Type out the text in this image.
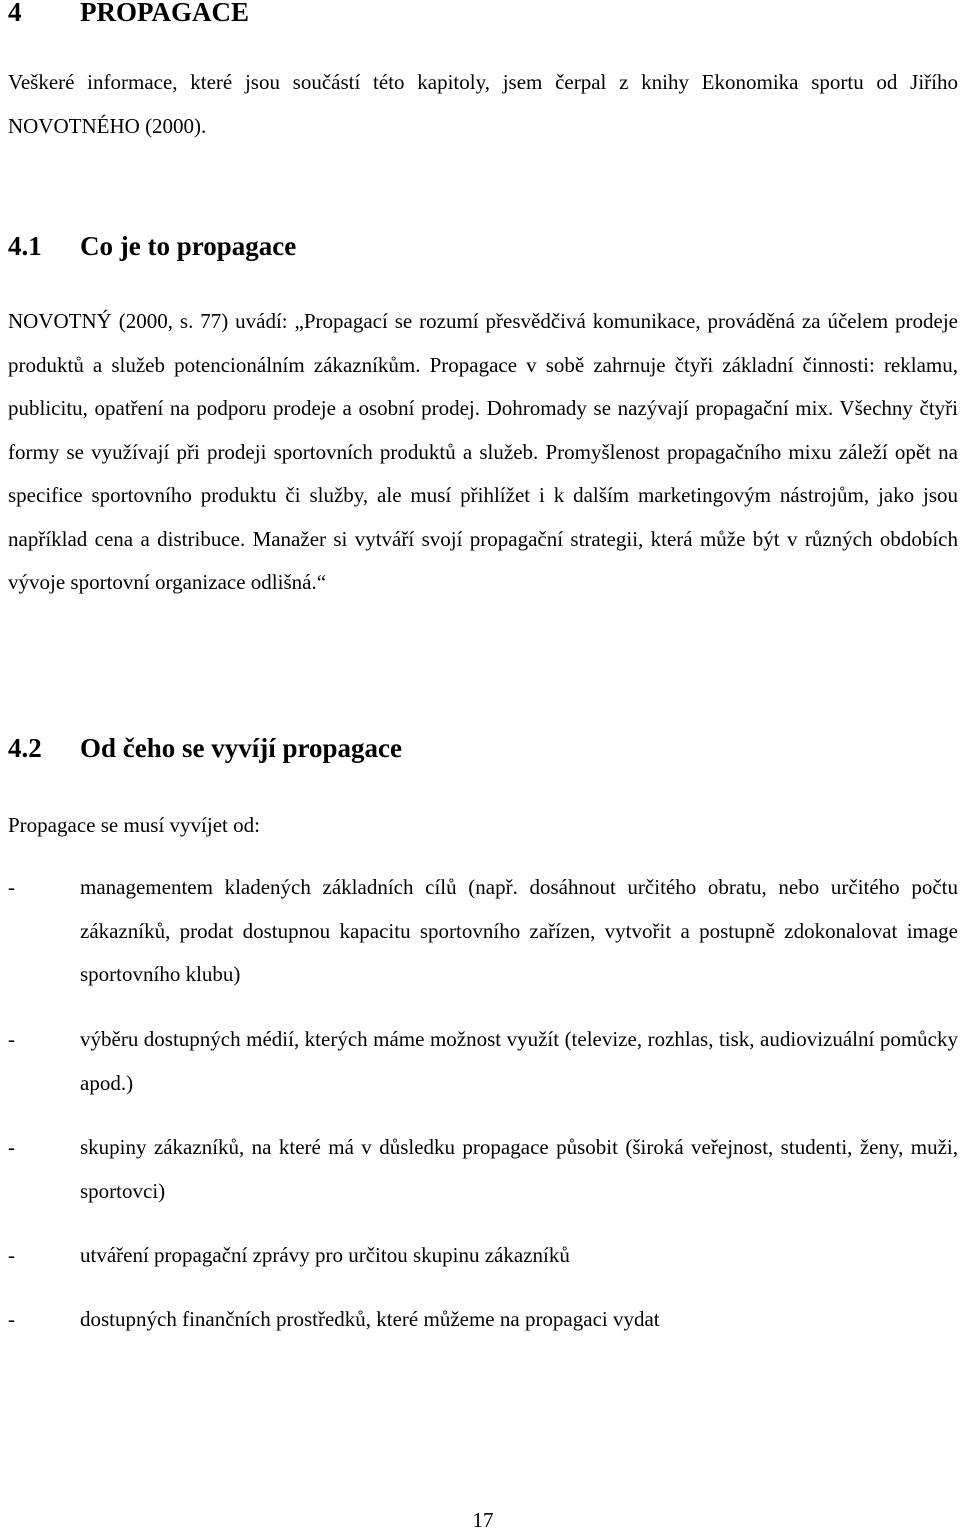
4 PROPAGACE

Veškeré informace, které jsou součástí této kapitoly, jsem čerpal z knihy Ekonomika sportu od Jiřího NOVOTNÉHO (2000).

4.1 Co je to propagace

NOVOTNÝ (2000, s. 77) uvádí: „Propagací se rozumí přesvědčivá komunikace, prováděná za účelem prodeje produktů a služeb potencionálním zákazníkům. Propagace v sobě zahrnuje čtyři základní činnosti: reklamu, publicitu, opatření na podporu prodeje a osobní prodej. Dohromady se nazývají propagační mix. Všechny čtyři formy se využívají při prodeji sportovních produktů a služeb. Promyšlenost propagačního mixu záleží opět na specifice sportovního produktu či služby, ale musí přihlížet i k dalším marketingovým nástrojům, jako jsou například cena a distribuce. Manažer si vytváří svojí propagační strategii, která může být v různých obdobích vývoje sportovní organizace odlišná.“

4.2 Od čeho se vyvíjí propagace

Propagace se musí vyvíjet od:

-	managementem kladených základních cílů (např. dosáhnout určitého obratu, nebo určitého počtu zákazníků, prodat dostupnou kapacitu sportovního zařízen, vytvořit a postupně zdokonalovat image sportovního klubu)
-	výběru dostupných médií, kterých máme možnost využít (televize, rozhlas, tisk, audiovizuální pomůcky apod.)
-	skupiny zákazníků, na které má v důsledku propagace působit (široká veřejnost, studenti, ženy, muži, sportovci)
-	utváření propagační zprávy pro určitou skupinu zákazníků
-	dostupných finančních prostředků, které můžeme na propagaci vydat
17
